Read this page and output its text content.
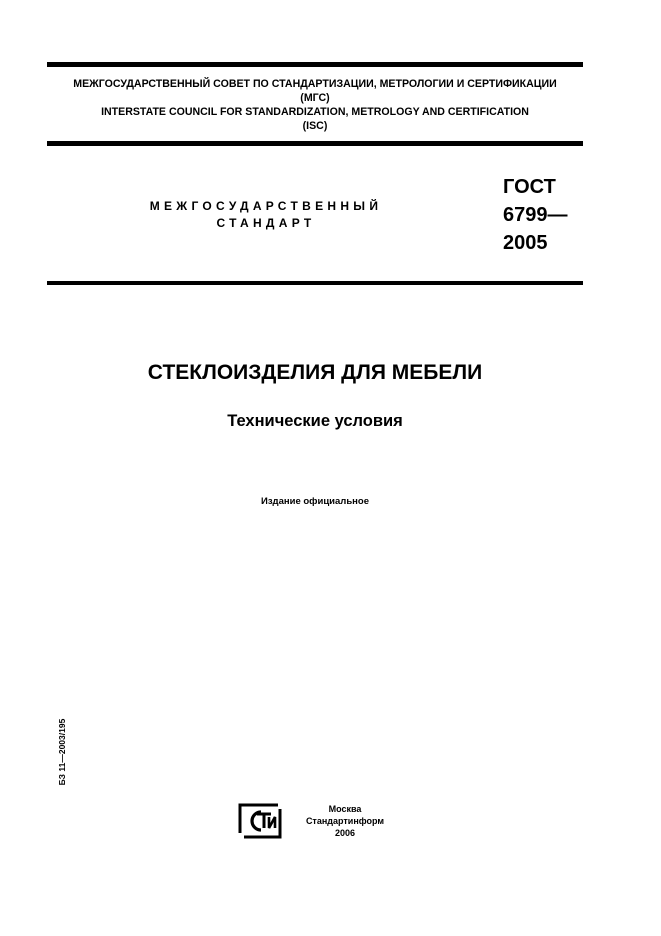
МЕЖГОСУДАРСТВЕННЫЙ СОВЕТ ПО СТАНДАРТИЗАЦИИ, МЕТРОЛОГИИ И СЕРТИФИКАЦИИ
(МГС)
INTERSTATE COUNCIL FOR STANDARDIZATION, METROLOGY AND CERTIFICATION
(ISC)
МЕЖГОСУДАРСТВЕННЫЙ
СТАНДАРТ
ГОСТ
6799—
2005
СТЕКЛОИЗДЕЛИЯ ДЛЯ МЕБЕЛИ
Технические условия
Издание официальное
БЗ 11—2003/195
Москва
Стандартинформ
2006
